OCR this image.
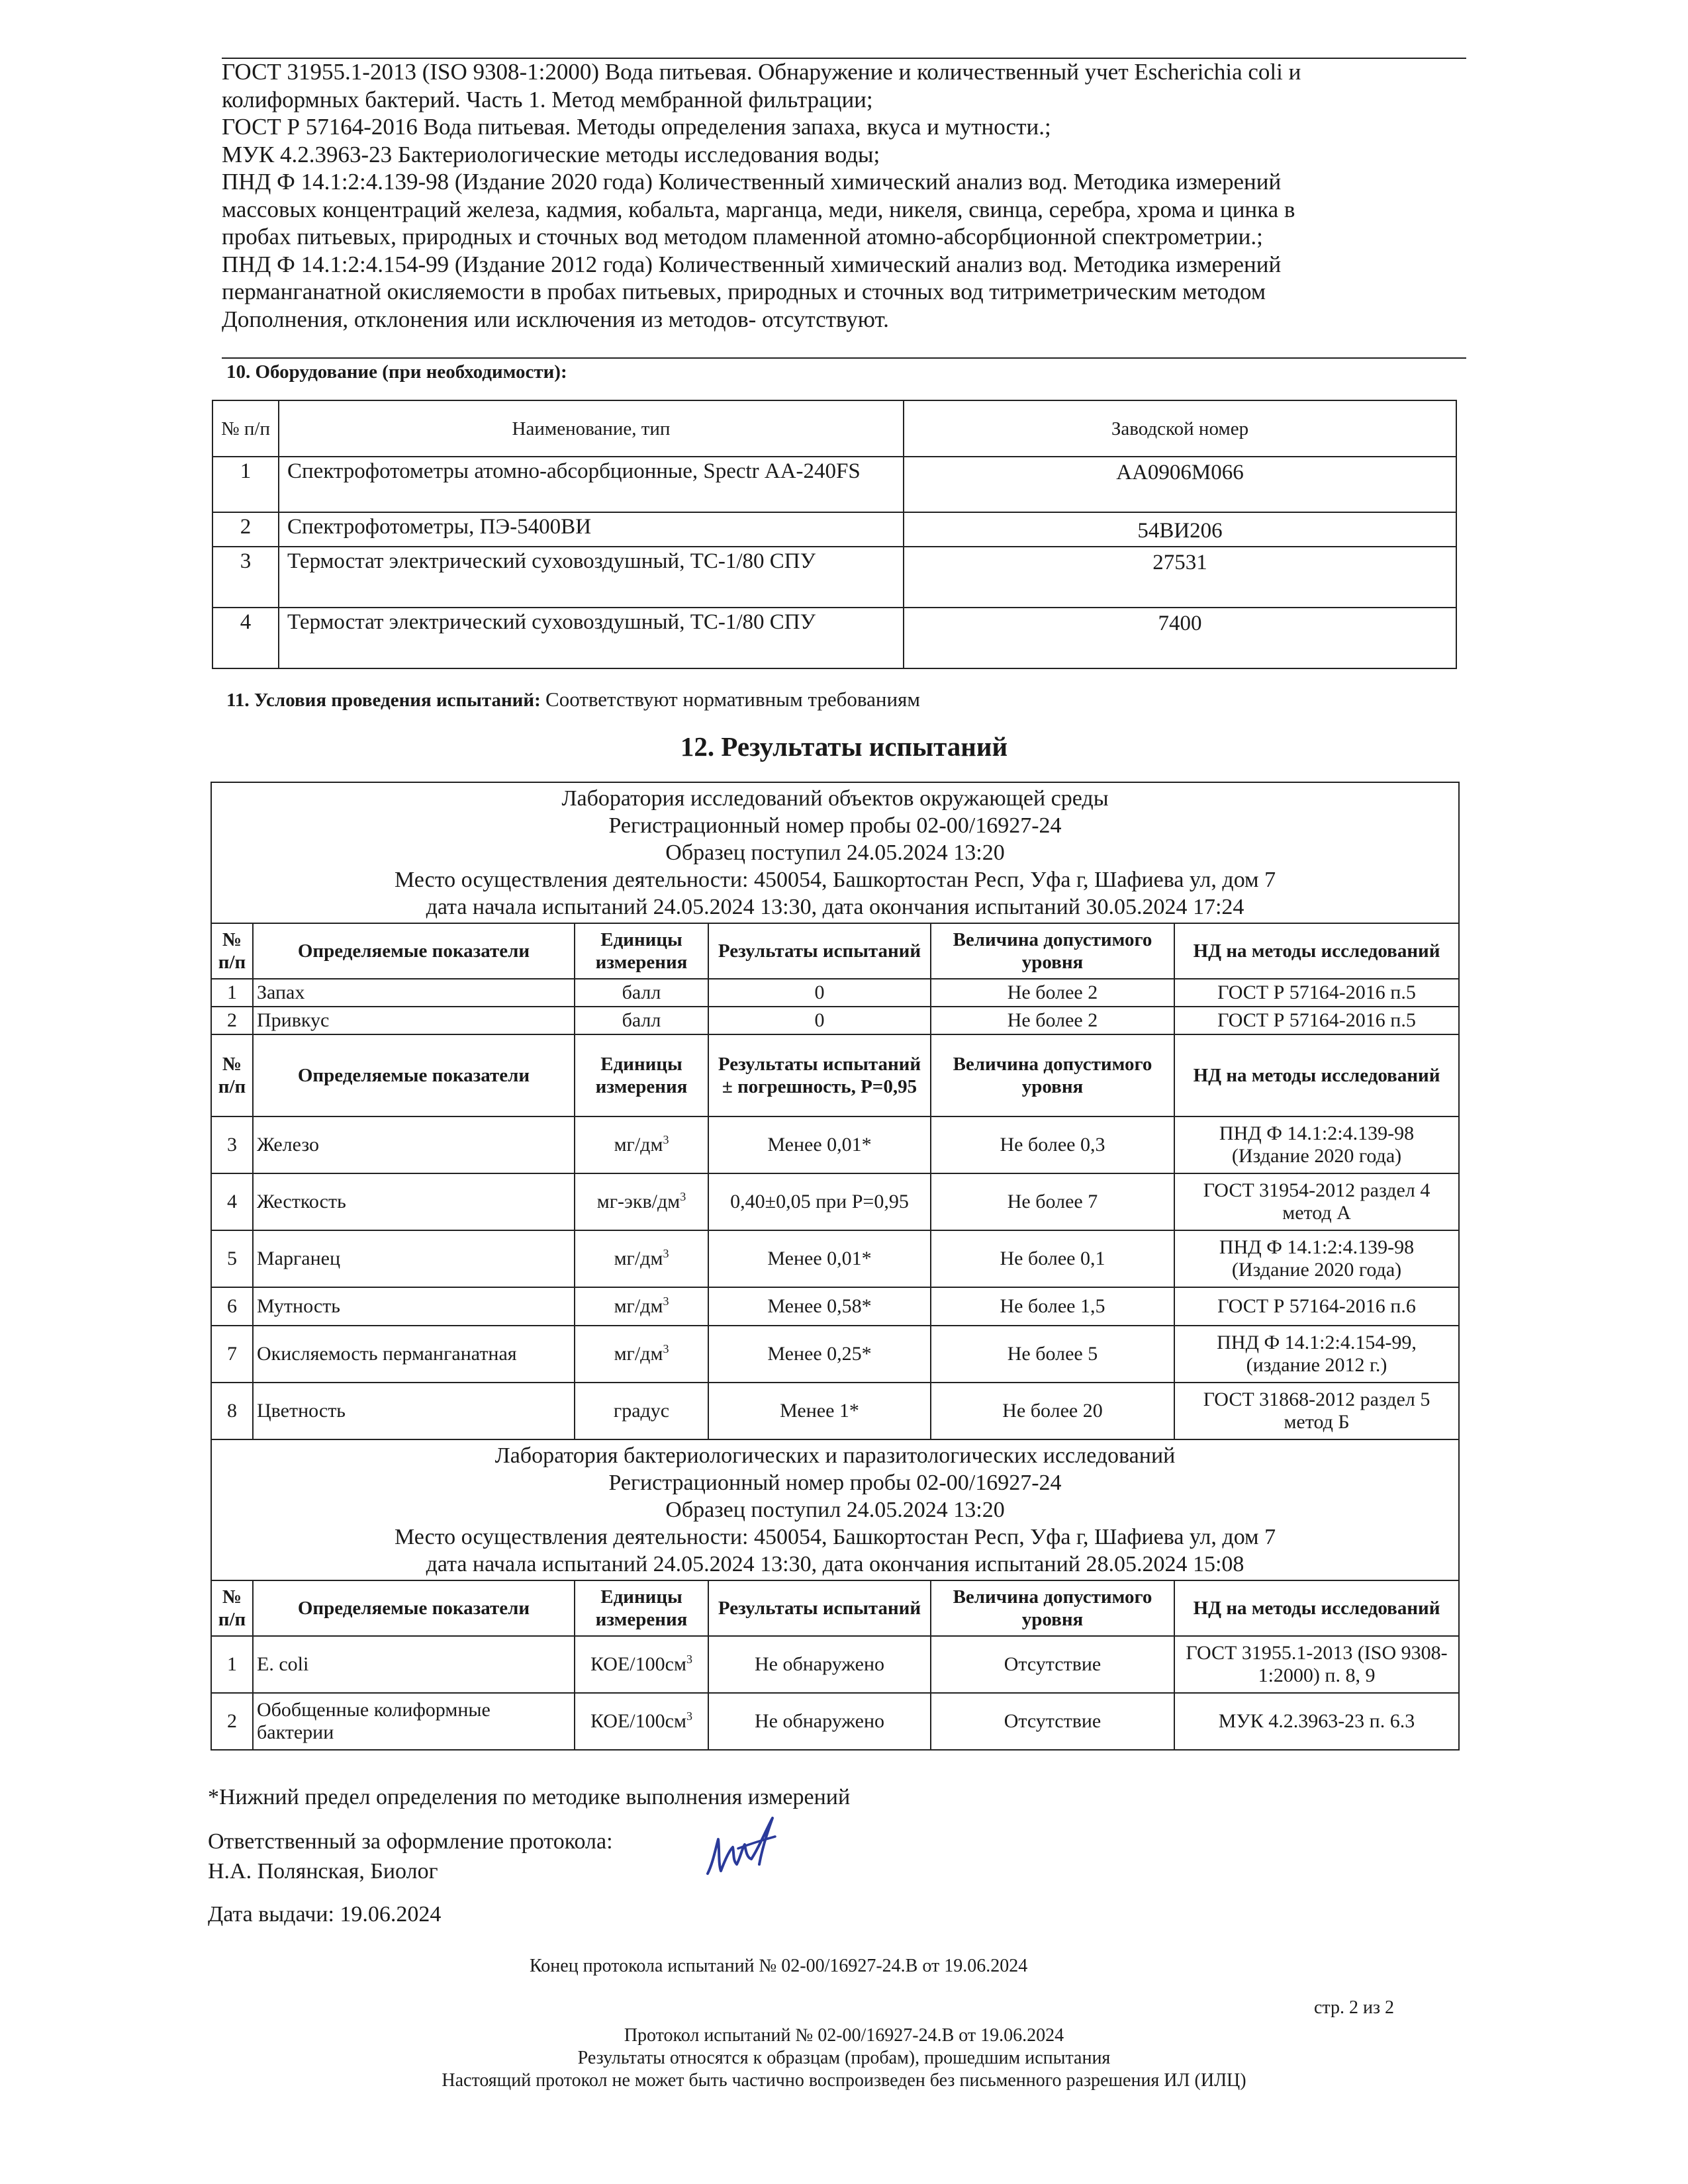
ГОСТ 31955.1-2013 (ISO 9308-1:2000) Вода питьевая. Обнаружение и количественный учет Escherichia coli и
колиформных бактерий. Часть 1. Метод мембранной фильтрации;
ГОСТ Р 57164-2016 Вода питьевая. Методы определения запаха, вкуса и мутности.;
МУК 4.2.3963-23 Бактериологические методы исследования воды;
ПНД Ф 14.1:2:4.139-98 (Издание 2020 года) Количественный химический анализ вод. Методика измерений
массовых концентраций железа, кадмия, кобальта, марганца, меди, никеля, свинца, серебра, хрома и цинка в
пробах питьевых, природных и сточных вод методом пламенной атомно-абсорбционной спектрометрии.;
ПНД Ф 14.1:2:4.154-99 (Издание 2012 года) Количественный химический анализ вод. Методика измерений
перманганатной окисляемости в пробах питьевых, природных и сточных вод титриметрическим методом
Дополнения, отклонения или исключения из методов- отсутствуют.
10. Оборудование (при необходимости):
№ п/п	Наименование, тип	Заводской номер
1	Спектрофотометры атомно-абсорбционные, Spectr АА-240FS	AA0906M066
2	Спектрофотометры, ПЭ-5400ВИ	54ВИ206
3	Термостат электрический суховоздушный, ТС-1/80 СПУ	27531
4	Термостат электрический суховоздушный, ТС-1/80 СПУ	7400
11. Условия проведения испытаний: Соответствуют нормативным требованиям
12. Результаты испытаний
Лаборатория исследований объектов окружающей среды
Регистрационный номер пробы 02-00/16927-24
Образец поступил 24.05.2024 13:20
Место осуществления деятельности: 450054, Башкортостан Респ, Уфа г, Шафиева ул, дом 7
дата начала испытаний 24.05.2024 13:30, дата окончания испытаний 30.05.2024 17:24					

№ п/п	Определяемые показатели	Единицы измерения	Результаты испытаний	Величина допустимого уровня	НД на методы исследований
1	Запах	балл	0	Не более 2	ГОСТ Р 57164-2016 п.5
2	Привкус	балл	0	Не более 2	ГОСТ Р 57164-2016 п.5
№ п/п	Определяемые показатели	Единицы измерения	Результаты испытаний ± погрешность, P=0,95	Величина допустимого уровня	НД на методы исследований
3	Железо	$мг/дм^3$	Менее 0,01*	Не более 0,3	ПНД Ф 14.1:2:4.139-98 (Издание 2020 года)
4	Жесткость	$мг-экв/дм^3$	0,40±0,05 при P=0,95	Не более 7	ГОСТ 31954-2012 раздел 4 метод А
5	Марганец	$мг/дм^3$	Менее 0,01*	Не более 0,1	ПНД Ф 14.1:2:4.139-98 (Издание 2020 года)
6	Мутность	$мг/дм^3$	Менее 0,58*	Не более 1,5	ГОСТ Р 57164-2016 п.6
7	Окисляемость перманганатная	$мг/дм^3$	Менее 0,25*	Не более 5	ПНД Ф 14.1:2:4.154-99, (издание 2012 г.)
8	Цветность	градус	Менее 1*	Не более 20	ГОСТ 31868-2012 раздел 5 метод Б

Лаборатория бактериологических и паразитологических исследований
Регистрационный номер пробы 02-00/16927-24
Образец поступил 24.05.2024 13:20
Место осуществления деятельности: 450054, Башкортостан Респ, Уфа г, Шафиева ул, дом 7
дата начала испытаний 24.05.2024 13:30, дата окончания испытаний 28.05.2024 15:08					

№ п/п	Определяемые показатели	Единицы измерения	Результаты испытаний	Величина допустимого уровня	НД на методы исследований
1	E. coli	КОЕ/$100см^3$	Не обнаружено	Отсутствие	ГОСТ 31955.1-2013 (ISO 9308-1:2000) п. 8, 9
2	Обобщенные колиформные бактерии	КОЕ/$100см^3$	Не обнаружено	Отсутствие	МУК 4.2.3963-23 п. 6.3
*Нижний предел определения по методике выполнения измерений
Ответственный за оформление протокола:
Н.А. Полянская, Биолог
Дата выдачи: 19.06.2024
Конец протокола испытаний № 02-00/16927-24.В от 19.06.2024
стр. 2 из 2
Протокол испытаний № 02-00/16927-24.В от 19.06.2024
Результаты относятся к образцам (пробам), прошедшим испытания
Настоящий протокол не может быть частично воспроизведен без письменного разрешения ИЛ (ИЛЦ)
